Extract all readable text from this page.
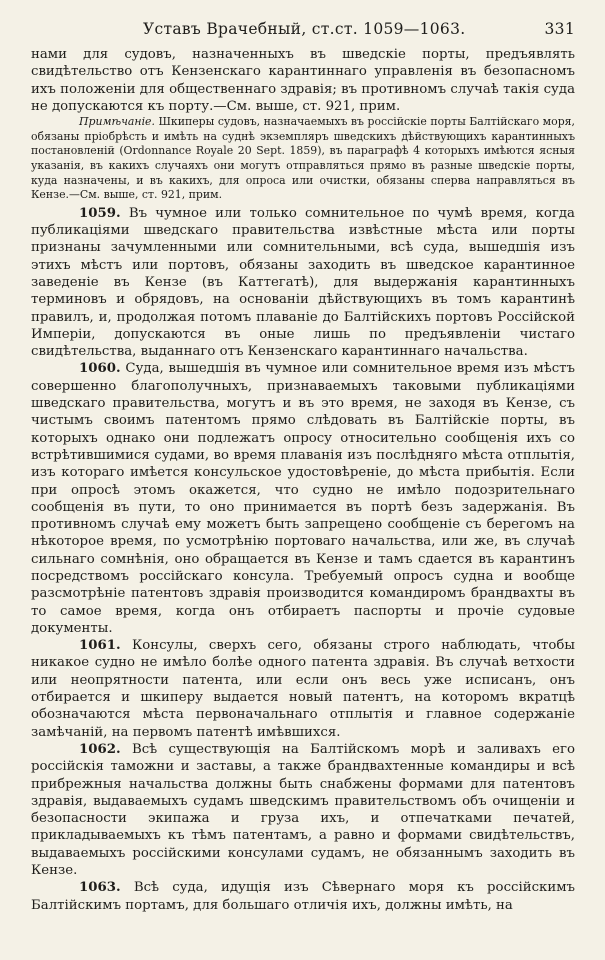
Уставъ Врачебный, ст.ст. 1059—1063.	331

нами для судовъ, назначенныхъ въ шведскіе порты, предъявлять свидѣтельство отъ Кензенскаго карантиннаго управленія въ безопасномъ ихъ положеніи для общественнаго здравія; въ противномъ случаѣ такія суда не допускаются къ порту.—См. выше, ст. 921, прим.

Примѣчаніе. Шкиперы судовъ, назначаемыхъ въ россійскіе порты Балтійскаго моря, обязаны пріобрѣсть и имѣть на суднѣ экземпляръ шведскихъ дѣйствующихъ карантинныхъ постановленій (Ordonnance Royale 20 Sept. 1859), въ параграфѣ 4 которыхъ имѣются ясныя указанія, въ какихъ случаяхъ они могутъ отправляться прямо въ разные шведскіе порты, куда назначены, и въ какихъ, для опроса или очистки, обязаны сперва направляться въ Кензе.—См. выше, ст. 921, прим.

1059. Въ чумное или только сомнительное по чумѣ время, когда публикаціями шведскаго правительства извѣстные мѣста или порты признаны зачумленными или сомнительными, всѣ суда, вышедшія изъ этихъ мѣстъ или портовъ, обязаны заходить въ шведское карантинное заведеніе въ Кензе (въ Каттегатѣ), для выдержанія карантинныхъ терминовъ и обрядовъ, на основаніи дѣйствующихъ въ томъ карантинѣ правилъ, и, продолжая потомъ плаваніе до Балтійскихъ портовъ Россійской Имперіи, допускаются въ оные лишь по предъявленіи чистаго свидѣтельства, выданнаго отъ Кензенскаго карантиннаго начальства.

1060. Суда, вышедшія въ чумное или сомнительное время изъ мѣстъ совершенно благополучныхъ, признаваемыхъ таковыми публикаціями шведскаго правительства, могутъ и въ это время, не заходя въ Кензе, съ чистымъ своимъ патентомъ прямо слѣдовать въ Балтійскіе порты, въ которыхъ однако они подлежатъ опросу относительно сообщенія ихъ со встрѣтившимися судами, во время плаванія изъ послѣдняго мѣста отплытія, изъ котораго имѣется консульское удостовѣреніе, до мѣста прибытія. Если при опросѣ этомъ окажется, что судно не имѣло подозрительнаго сообщенія въ пути, то оно принимается въ портѣ безъ задержанія. Въ противномъ случаѣ ему можетъ быть запрещено сообщеніе съ берегомъ на нѣкоторое время, по усмотрѣнію портоваго начальства, или же, въ случаѣ сильнаго сомнѣнія, оно обращается въ Кензе и тамъ сдается въ карантинъ посредствомъ россійскаго консула. Требуемый опросъ судна и вообще разсмотрѣніе патентовъ здравія производится командиромъ брандвахты въ то самое время, когда онъ отбираетъ паспорты и прочіе судовые документы.

1061. Консулы, сверхъ сего, обязаны строго наблюдать, чтобы никакое судно не имѣло болѣе одного патента здравія. Въ случаѣ ветхости или неопрятности патента, или если онъ весь уже исписанъ, онъ отбирается и шкиперу выдается новый патентъ, на которомъ вкратцѣ обозначаются мѣста первоначальнаго отплытія и главное содержаніе замѣчаній, на первомъ патентѣ имѣвшихся.

1062. Всѣ существующія на Балтійскомъ морѣ и заливахъ его россійскія таможни и заставы, а также брандвахтенные командиры и всѣ прибрежныя начальства должны быть снабжены формами для патентовъ здравія, выдаваемыхъ судамъ шведскимъ правительствомъ объ очищеніи и безопасности экипажа и груза ихъ, и отпечатками печатей, прикладываемыхъ къ тѣмъ патентамъ, а равно и формами свидѣтельствъ, выдаваемыхъ россійскими консулами судамъ, не обязаннымъ заходить въ Кензе.

1063. Всѣ суда, идущія изъ Сѣвернаго моря къ россійскимъ Балтійскимъ портамъ, для большаго отличія ихъ, должны имѣть, на
